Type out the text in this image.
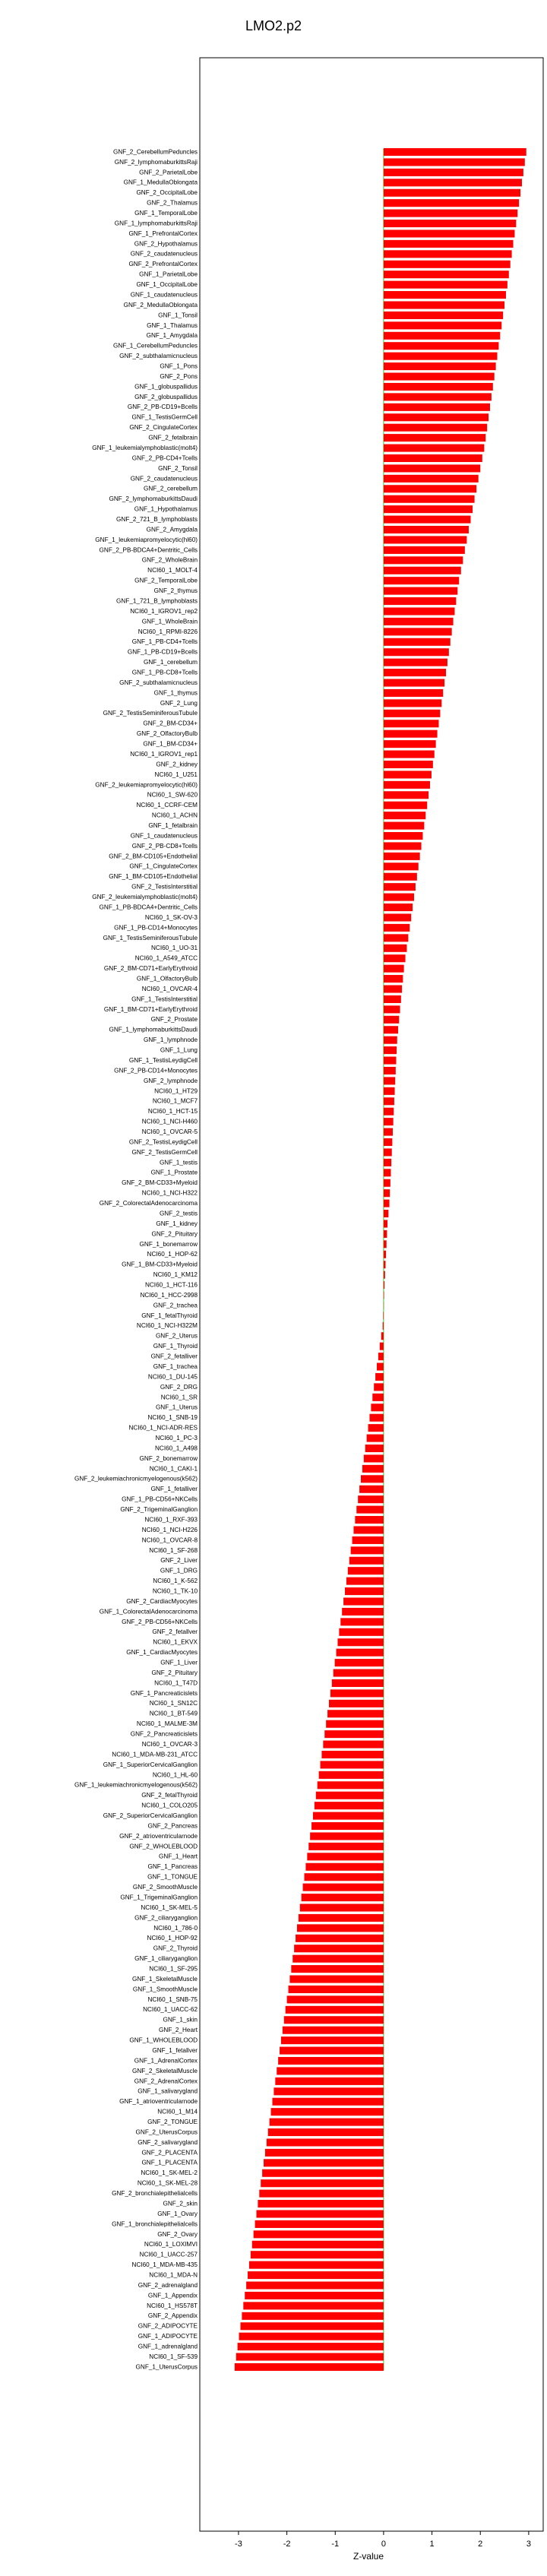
LMO2.p2
GNF_2_CerebellumPeduncles
GNF_2_lymphomaburkittsRaji
GNF_2_ParietalLobe
GNF_1_MedullaOblongata
GNF_2_OccipitalLobe
GNF_2_Thalamus
GNF_1_TemporalLobe
GNF_1_lymphomaburkittsRaji
GNF_1_PrefrontalCortex
GNF_2_Hypothalamus
GNF_2_caudatenucleus
GNF_2_PrefrontalCortex
GNF_1_ParietalLobe
GNF_1_OccipitalLobe
GNF_1_caudatenucleus
GNF_2_MedullaOblongata
GNF_1_Tonsil
GNF_1_Thalamus
GNF_1_Amygdala
GNF_1_CerebellumPeduncles
GNF_2_subthalamicnucleus
GNF_1_Pons
GNF_2_Pons
GNF_1_globuspallidus
GNF_2_globuspallidus
GNF_2_PB-CD19+Bcells
GNF_1_TestisGermCell
GNF_2_CingulateCortex
GNF_2_fetalbrain
GNF_1_leukemialymphoblastic(molt4)
GNF_2_PB-CD4+Tcells
GNF_2_Tonsil
GNF_2_caudatenucleus
GNF_2_cerebellum
GNF_2_lymphomaburkittsDaudi
GNF_1_Hypothalamus
GNF_2_721_B_lymphoblasts
GNF_2_Amygdala
GNF_1_leukemiapromyelocytic(hl60)
GNF_2_PB-BDCA4+Dentritic_Cells
GNF_2_WholeBrain
NCI60_1_MOLT-4
GNF_2_TemporalLobe
GNF_2_thymus
GNF_1_721_B_lymphoblasts
NCI60_1_IGROV1_rep2
GNF_1_WholeBrain
NCI60_1_RPMI-8226
GNF_1_PB-CD4+Tcells
GNF_1_PB-CD19+Bcells
GNF_1_cerebellum
GNF_1_PB-CD8+Tcells
GNF_2_subthalamicnucleus
GNF_1_thymus
GNF_2_Lung
GNF_2_TestisSeminiferousTubule
GNF_2_BM-CD34+
GNF_2_OlfactoryBulb
GNF_1_BM-CD34+
NCI60_1_IGROV1_rep1
GNF_2_kidney
NCI60_1_U251
GNF_2_leukemiapromyelocytic(hl60)
NCI60_1_SW-620
NCI60_1_CCRF-CEM
NCI60_1_ACHN
GNF_1_fetalbrain
GNF_1_caudatenucleus
GNF_2_PB-CD8+Tcells
GNF_2_BM-CD105+Endothelial
GNF_1_CingulateCortex
GNF_1_BM-CD105+Endothelial
GNF_2_TestisInterstitial
GNF_2_leukemialymphoblastic(molt4)
GNF_1_PB-BDCA4+Dentritic_Cells
NCI60_1_SK-OV-3
GNF_1_PB-CD14+Monocytes
GNF_1_TestisSeminiferousTubule
NCI60_1_UO-31
NCI60_1_A549_ATCC
GNF_2_BM-CD71+EarlyErythroid
GNF_1_OlfactoryBulb
NCI60_1_OVCAR-4
GNF_1_TestisInterstitial
GNF_1_BM-CD71+EarlyErythroid
GNF_2_Prostate
GNF_1_lymphomaburkittsDaudi
GNF_1_lymphnode
GNF_1_Lung
GNF_1_TestisLeydigCell
GNF_2_PB-CD14+Monocytes
GNF_2_lymphnode
NCI60_1_HT29
NCI60_1_MCF7
NCI60_1_HCT-15
NCI60_1_NCI-H460
NCI60_1_OVCAR-5
GNF_2_TestisLeydigCell
GNF_2_TestisGermCell
GNF_1_testis
GNF_1_Prostate
GNF_2_BM-CD33+Myeloid
NCI60_1_NCI-H322
GNF_2_ColorectalAdenocarcinoma
GNF_2_testis
GNF_1_kidney
GNF_2_Pituitary
GNF_1_bonemarrow
NCI60_1_HOP-62
GNF_1_BM-CD33+Myeloid
NCI60_1_KM12
NCI60_1_HCT-116
NCI60_1_HCC-2998
GNF_2_trachea
GNF_1_fetalThyroid
NCI60_1_NCI-H322M
GNF_2_Uterus
GNF_1_Thyroid
GNF_2_fetalliver
GNF_1_trachea
NCI60_1_DU-145
GNF_2_DRG
NCI60_1_SR
GNF_1_Uterus
NCI60_1_SNB-19
NCI60_1_NCI-ADR-RES
NCI60_1_PC-3
NCI60_1_A498
GNF_2_bonemarrow
NCI60_1_CAKI-1
GNF_2_leukemiachronicmyelogenous(k562)
GNF_1_fetalliver
GNF_1_PB-CD56+NKCells
GNF_2_TrigeminalGanglion
NCI60_1_RXF-393
NCI60_1_NCI-H226
NCI60_1_OVCAR-8
NCI60_1_SF-268
GNF_2_Liver
GNF_1_DRG
NCI60_1_K-562
NCI60_1_TK-10
GNF_2_CardiacMyocytes
GNF_1_ColorectalAdenocarcinoma
GNF_2_PB-CD56+NKCells
GNF_2_fetallver
NCI60_1_EKVX
GNF_1_CardiacMyocytes
GNF_1_Liver
GNF_2_Pituitary
NCI60_1_T47D
GNF_1_Pancreaticislets
NCI60_1_SN12C
NCI60_1_BT-549
NCI60_1_MALME-3M
GNF_2_Pancreaticislets
NCI60_1_OVCAR-3
NCI60_1_MDA-MB-231_ATCC
GNF_1_SuperiorCervicalGanglion
NCI60_1_HL-60
GNF_1_leukemiachronicmyelogenous(k562)
GNF_2_fetalThyroid
NCI60_1_COLO205
GNF_2_SuperiorCervicalGanglion
GNF_2_Pancreas
GNF_2_atrioventricularnode
GNF_2_WHOLEBLOOD
GNF_1_Heart
GNF_1_Pancreas
GNF_1_TONGUE
GNF_2_SmoothMuscle
GNF_1_TrigeminalGanglion
NCI60_1_SK-MEL-5
GNF_2_ciliaryganglion
NCI60_1_786-0
NCI60_1_HOP-92
GNF_2_Thyroid
GNF_1_ciliaryganglion
NCI60_1_SF-295
GNF_1_SkeletalMuscle
GNF_1_SmoothMuscle
NCI60_1_SNB-75
NCI60_1_UACC-62
GNF_1_skin
GNF_2_Heart
GNF_1_WHOLEBLOOD
GNF_1_fetallver
GNF_1_AdrenalCortex
GNF_2_SkeletalMuscle
GNF_2_AdrenalCortex
GNF_1_salivarygland
GNF_1_atrioventricularnode
NCI60_1_M14
GNF_2_TONGUE
GNF_2_UterusCorpus
GNF_2_salivarygland
GNF_2_PLACENTA
GNF_1_PLACENTA
NCI60_1_SK-MEL-2
NCI60_1_SK-MEL-28
GNF_2_bronchialepithelialcells
GNF_2_skin
GNF_1_Ovary
GNF_1_bronchialepithelialcells
GNF_2_Ovary
NCI60_1_LOXIMVI
NCI60_1_UACC-257
NCI60_1_MDA-MB-435
NCI60_1_MDA-N
GNF_2_adrenalgland
GNF_1_Appendix
NCI60_1_HS578T
GNF_2_Appendix
GNF_2_ADIPOCYTE
GNF_1_ADIPOCYTE
GNF_1_adrenalgland
NCI60_1_SF-539
GNF_1_UterusCorpus
-3	-2	-1	0	1	2	3
Z-value
